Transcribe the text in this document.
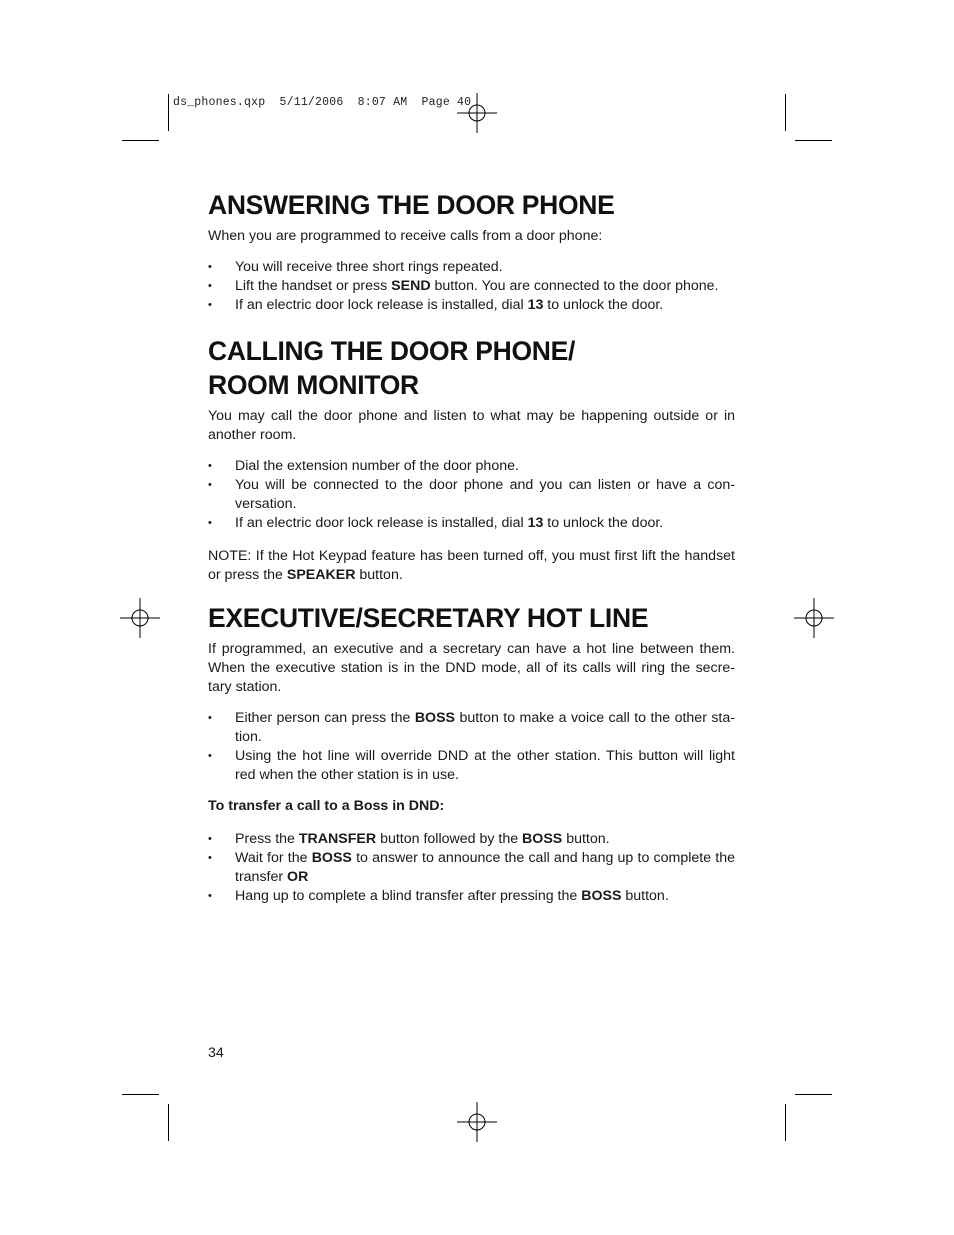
ds_phones.qxp  5/11/2006  8:07 AM  Page 40
ANSWERING THE DOOR PHONE

When you are programmed to receive calls from a door phone:

• You will receive three short rings repeated.
• Lift the handset or press SEND button. You are connected to the door phone.
• If an electric door lock release is installed, dial 13 to unlock the door.
CALLING THE DOOR PHONE/
ROOM MONITOR

You may call the door phone and listen to what may be happening outside or in another room.

• Dial the extension number of the door phone.
• You will be connected to the door phone and you can listen or have a con-versation.
• If an electric door lock release is installed, dial 13 to unlock the door.

NOTE: If the Hot Keypad feature has been turned off, you must first lift the handset or press the SPEAKER button.

EXECUTIVE/SECRETARY HOT LINE

If programmed, an executive and a secretary can have a hot line between them. When the executive station is in the DND mode, all of its calls will ring the secre-tary station.

• Either person can press the BOSS button to make a voice call to the other sta-tion.
• Using the hot line will override DND at the other station. This button will light red when the other station is in use.

To transfer a call to a Boss in DND:

• Press the TRANSFER button followed by the BOSS button.
• Wait for the BOSS to answer to announce the call and hang up to complete the transfer OR
• Hang up to complete a blind transfer after pressing the BOSS button.
34
